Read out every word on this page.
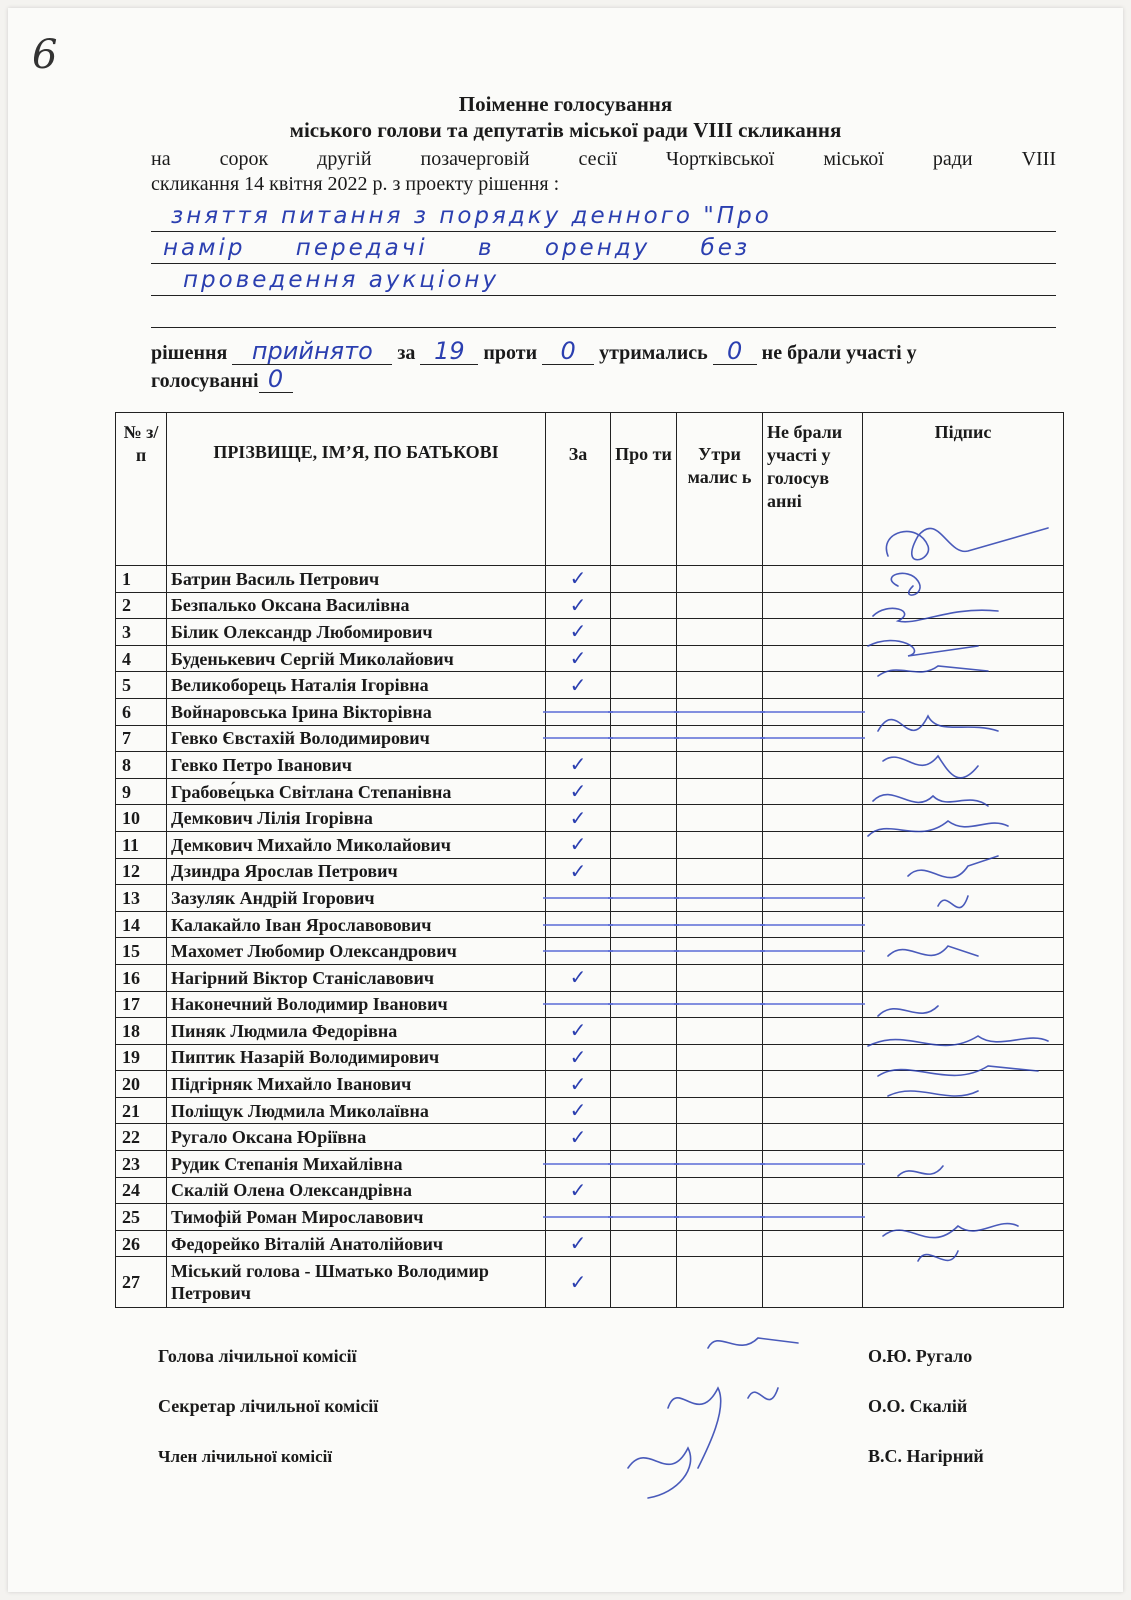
6
Поіменне голосування
міського голови та депутатів міської ради VIII скликання
на сорок другій позачерговій сесії Чортківської міської ради VIII
скликання 14 квітня 2022 р. з проекту рішення :
зняття питання з порядку денного "Про
намір передачі в оренду без
проведення аукціону
рішення прийнято за 19 проти 0 утрималиcь 0 не брали участі у
голосуванні 0
№ з/п	ПРІЗВИЩЕ, ІМ’Я, ПО БАТЬКОВІ	За	Про ти	Утри малис ь	Не брали участі у голосув анні	Підпис
1	Батрин Василь Петрович	✓				
2	Безпалько Оксана Василівна	✓				
3	Білик Олександр Любомирович	✓				
4	Буденькевич Сергій Миколайович	✓				
5	Великоборець Наталія Ігорівна	✓				
6	Войнаровська Ірина Вікторівна	

7	Гевко Євстахій Володимирович	

8	Гевко Петро Іванович	✓				
9	Грабове́цька Світлана Степанівна	✓				
10	Демкович Лілія Ігорівна	✓				
11	Демкович Михайло Миколайович	✓				
12	Дзиндра Ярослав Петрович	✓				
13	Зазуляк Андрій Ігорович	

14	Калакайло Іван Ярославовович	

15	Махомет Любомир Олександрович	

16	Нагірний Віктор Станіславович	✓				
17	Наконечний Володимир Іванович	

18	Пиняк Людмила Федорівна	✓				
19	Пиптик Назарій Володимирович	✓				
20	Підгірняк Михайло Іванович	✓				
21	Поліщук Людмила Миколаївна	✓				
22	Ругало Оксана Юріївна	✓				
23	Рудик Степанія Михайлівна	

24	Скалій Олена Олександрівна	✓				
25	Тимофій Роман Мирославович	

26	Федорейко Віталій Анатолійович	✓				
27	Міський голова - Шматько Володимир Петрович	✓				
Голова лічильної комісії	О.Ю. Ругало
Секретар лічильної комісії	О.О. Скалій
Член лічильної комісії	В.С. Нагірний
